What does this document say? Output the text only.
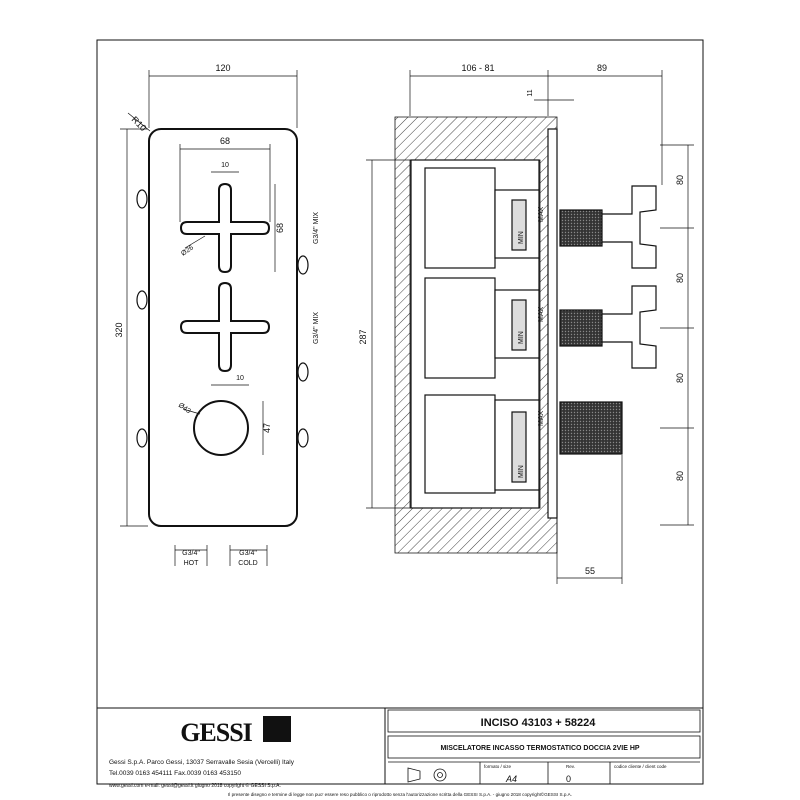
120
320
R10
68
10
Ø26
68	G3/4" MIX
G3/4" MIX
Ø43
10
47
G3/4"
HOT
G3/4"
COLD
106 - 81	89
11
287
80
80
80
80
55
MIN
MAX
MIN
MAX
MIN
MAX
GESSI
Gessi S.p.A. Parco Gessi, 13037 Serravalle Sesia (Vercelli) Italy
Tel.0039 0163 454111 Fax.0039 0163 453150
www.gessi.com e-mail: gessi@gessi.it giugno 2018 copyright © GESSI S.p.A.
INCISO 43103 + 58224
MISCELATORE INCASSO TERMOSTATICO DOCCIA 2VIE HP
formato / size
A4
Rev.
0
codice cliente / client code
Il presente disegno e termine di legge non puo' essere reso pubblico o riprodotto senza l'autorizzazione scritta della GESSI S.p.A. - giugno 2018 copyright©GESSI S.p.A.
